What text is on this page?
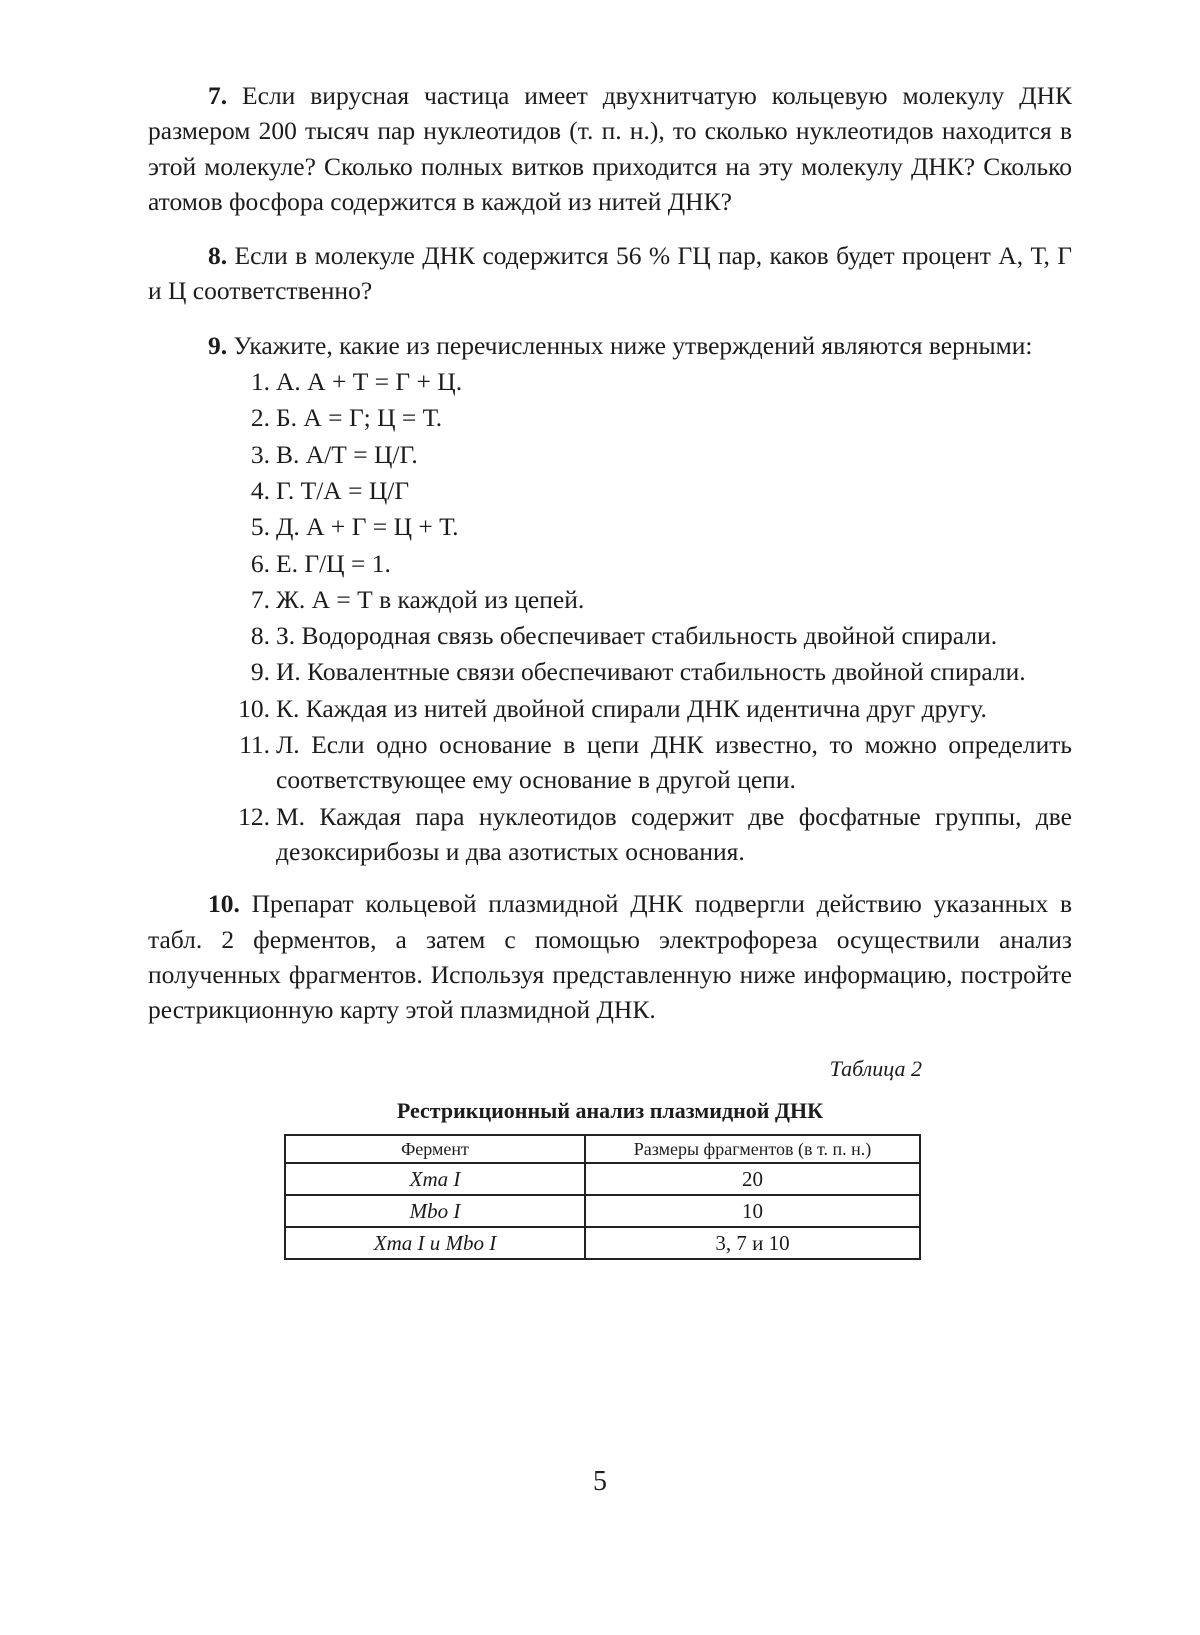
7. Если вирусная частица имеет двухнитчатую кольцевую молекулу ДНК размером 200 тысяч пар нуклеотидов (т. п. н.), то сколько нуклеотидов находится в этой молекуле? Сколько полных витков приходится на эту молекулу ДНК? Сколько атомов фосфора содержится в каждой из нитей ДНК?

8. Если в молекуле ДНК содержится 56 % ГЦ пар, каков будет процент А, Т, Г и Ц соответственно?

9. Укажите, какие из перечисленных ниже утверждений являются верными:

1. А. А + Т = Г + Ц.
2. Б. А = Г; Ц = Т.
3. В. А/Т = Ц/Г.
4. Г. Т/А = Ц/Г
5. Д. А + Г = Ц + Т.
6. Е. Г/Ц = 1.
7. Ж. А = Т в каждой из цепей.
8. З. Водородная связь обеспечивает стабильность двойной спирали.
9. И. Ковалентные связи обеспечивают стабильность двойной спирали.
10. К. Каждая из нитей двойной спирали ДНК идентична друг другу.
11. Л. Если одно основание в цепи ДНК известно, то можно определить соответствующее ему основание в другой цепи.
12. М. Каждая пара нуклеотидов содержит две фосфатные группы, две дезоксирибозы и два азотистых основания.

10. Препарат кольцевой плазмидной ДНК подвергли действию указанных в табл. 2 ферментов, а затем с помощью электрофореза осуществили анализ полученных фрагментов. Используя представленную ниже информацию, постройте рестрикционную карту этой плазмидной ДНК.

Таблица 2
Рестрикционный анализ плазмидной ДНК
Фермент	Размеры фрагментов (в т. п. н.)
Xma I	20
Mbo I	10
Xma I и Mbo I	3, 7 и 10
5
